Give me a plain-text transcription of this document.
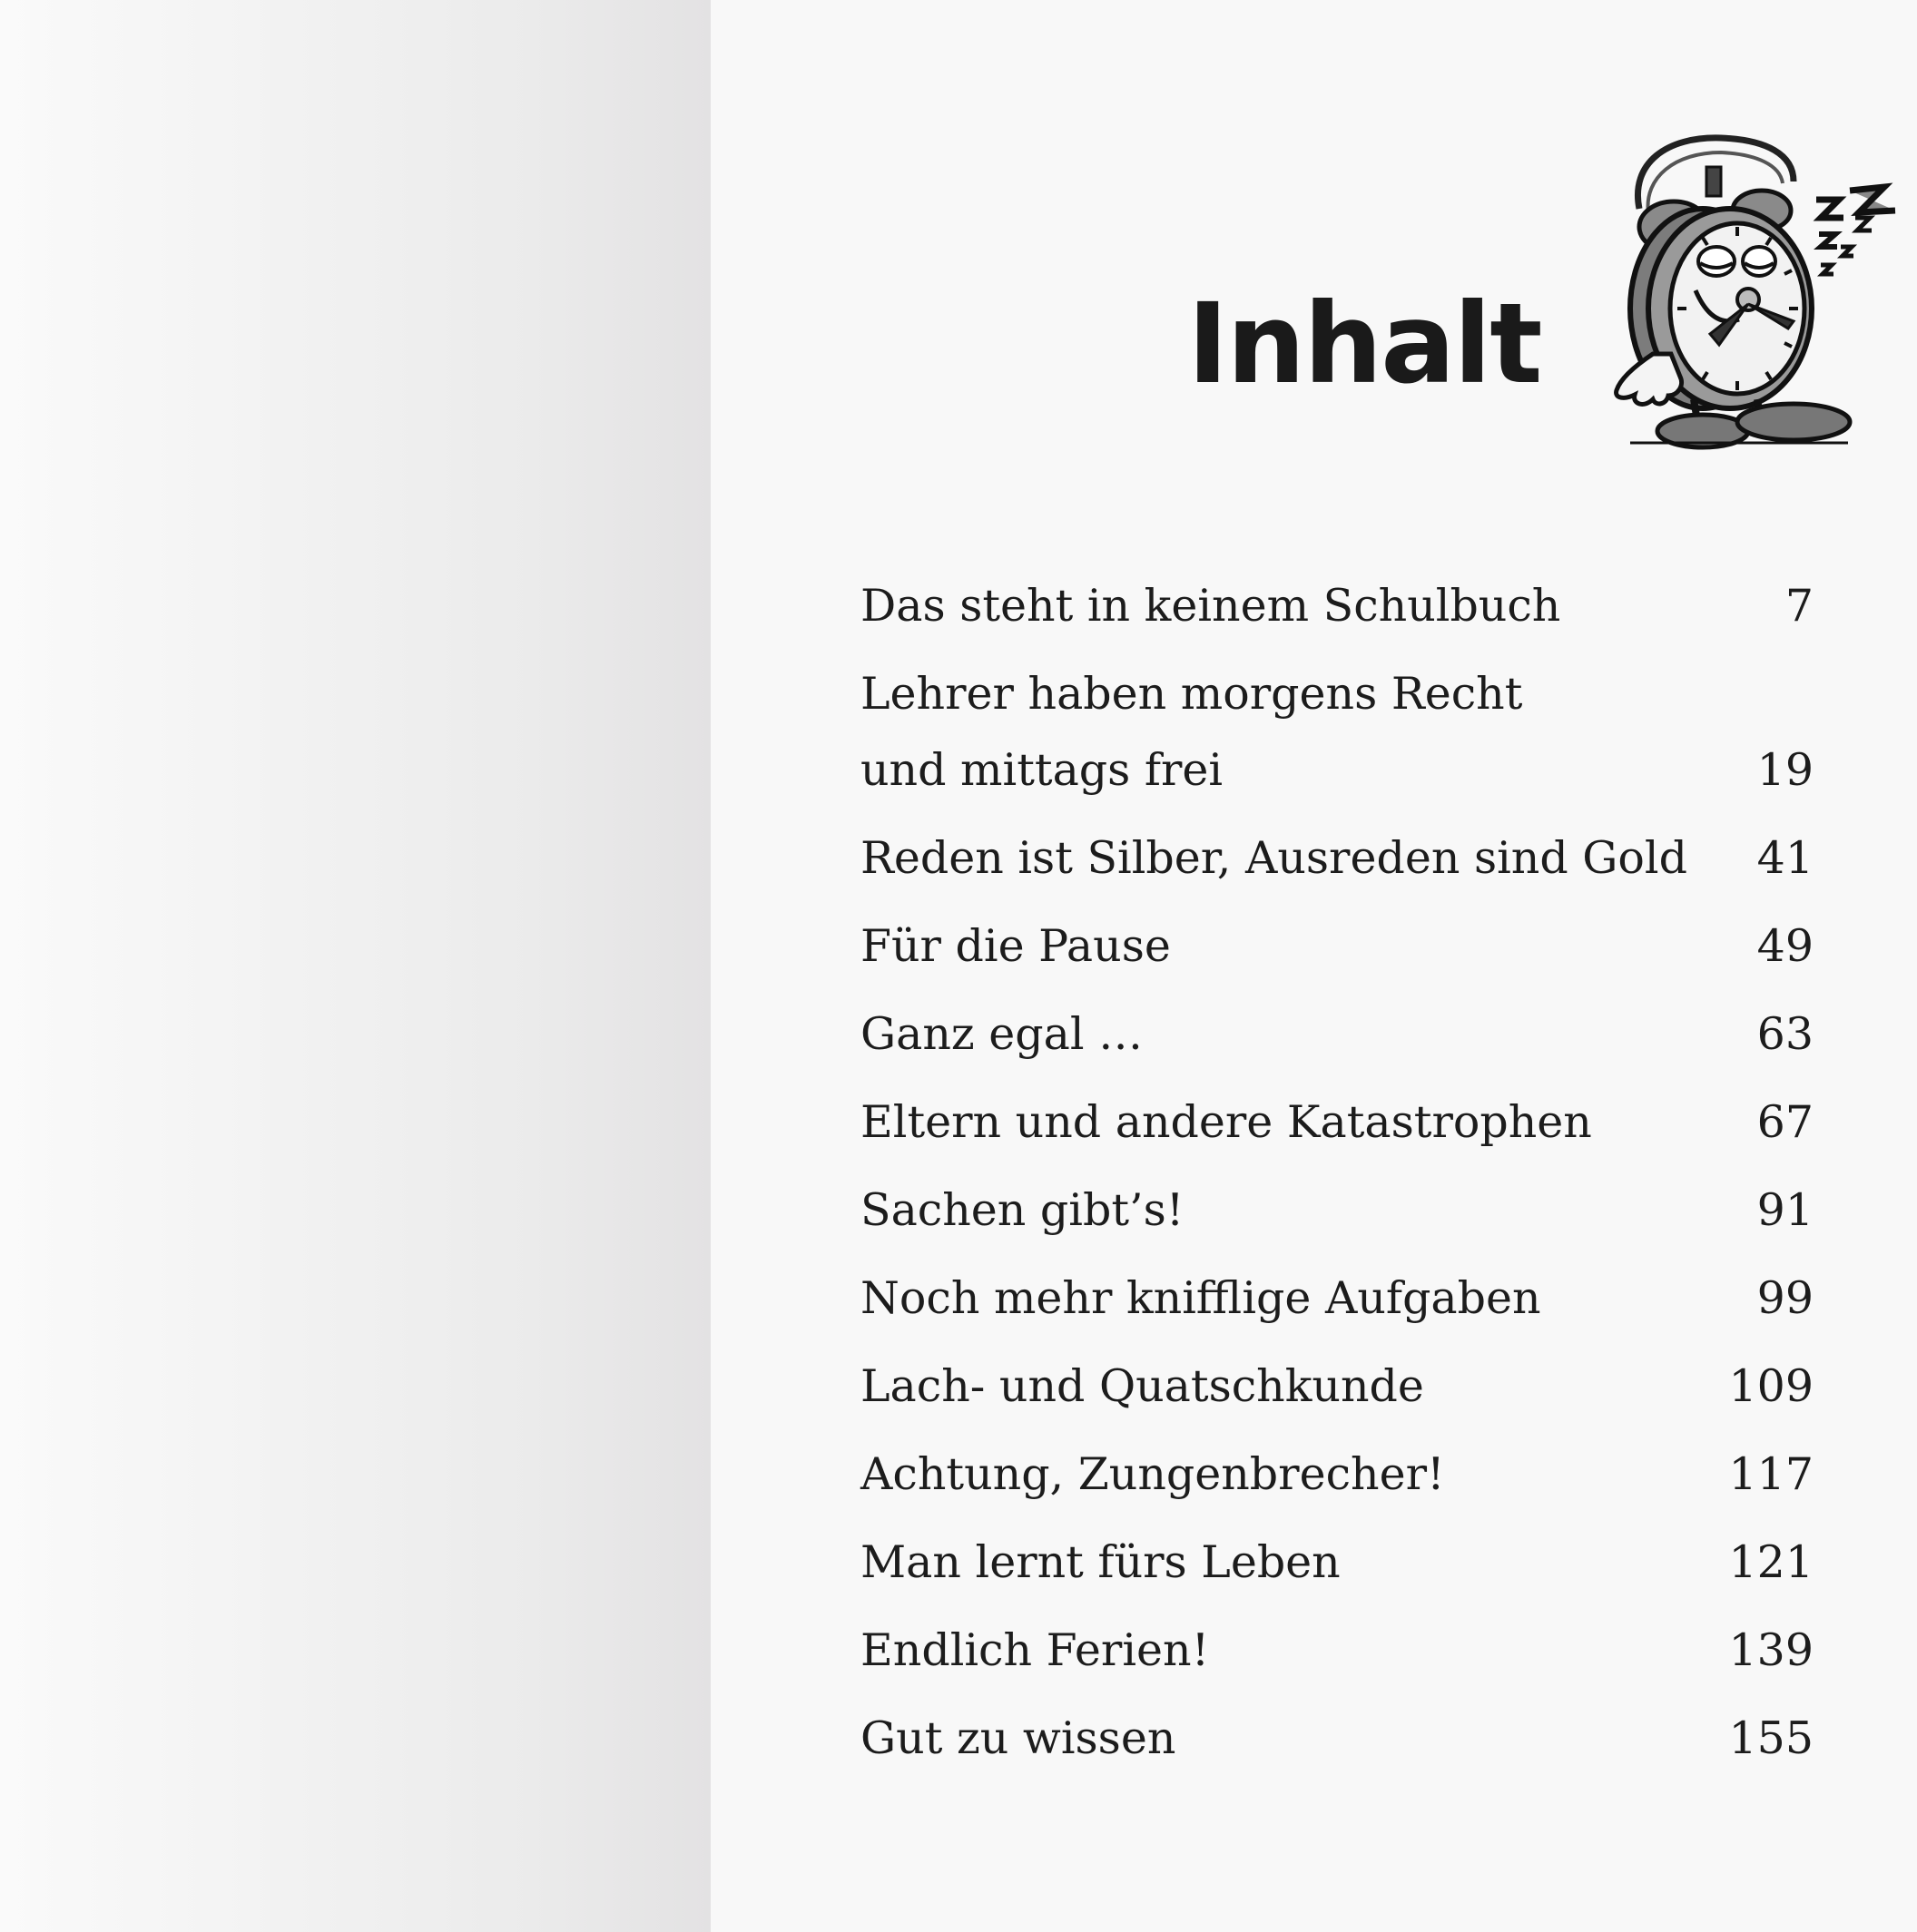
Inhalt
Das steht in keinem Schulbuch	7
Lehrer haben morgens Recht
und mittags frei	19
Reden ist Silber, Ausreden sind Gold 41
Für die Pause	49
Ganz egal …	63
Eltern und andere Katastrophen	67
Sachen gibt’s!	91
Noch mehr knifflige Aufgaben	99
Lach- und Quatschkunde	109
Achtung, Zungenbrecher!	117
Man lernt fürs Leben	121
Endlich Ferien!	139
Gut zu wissen	155
